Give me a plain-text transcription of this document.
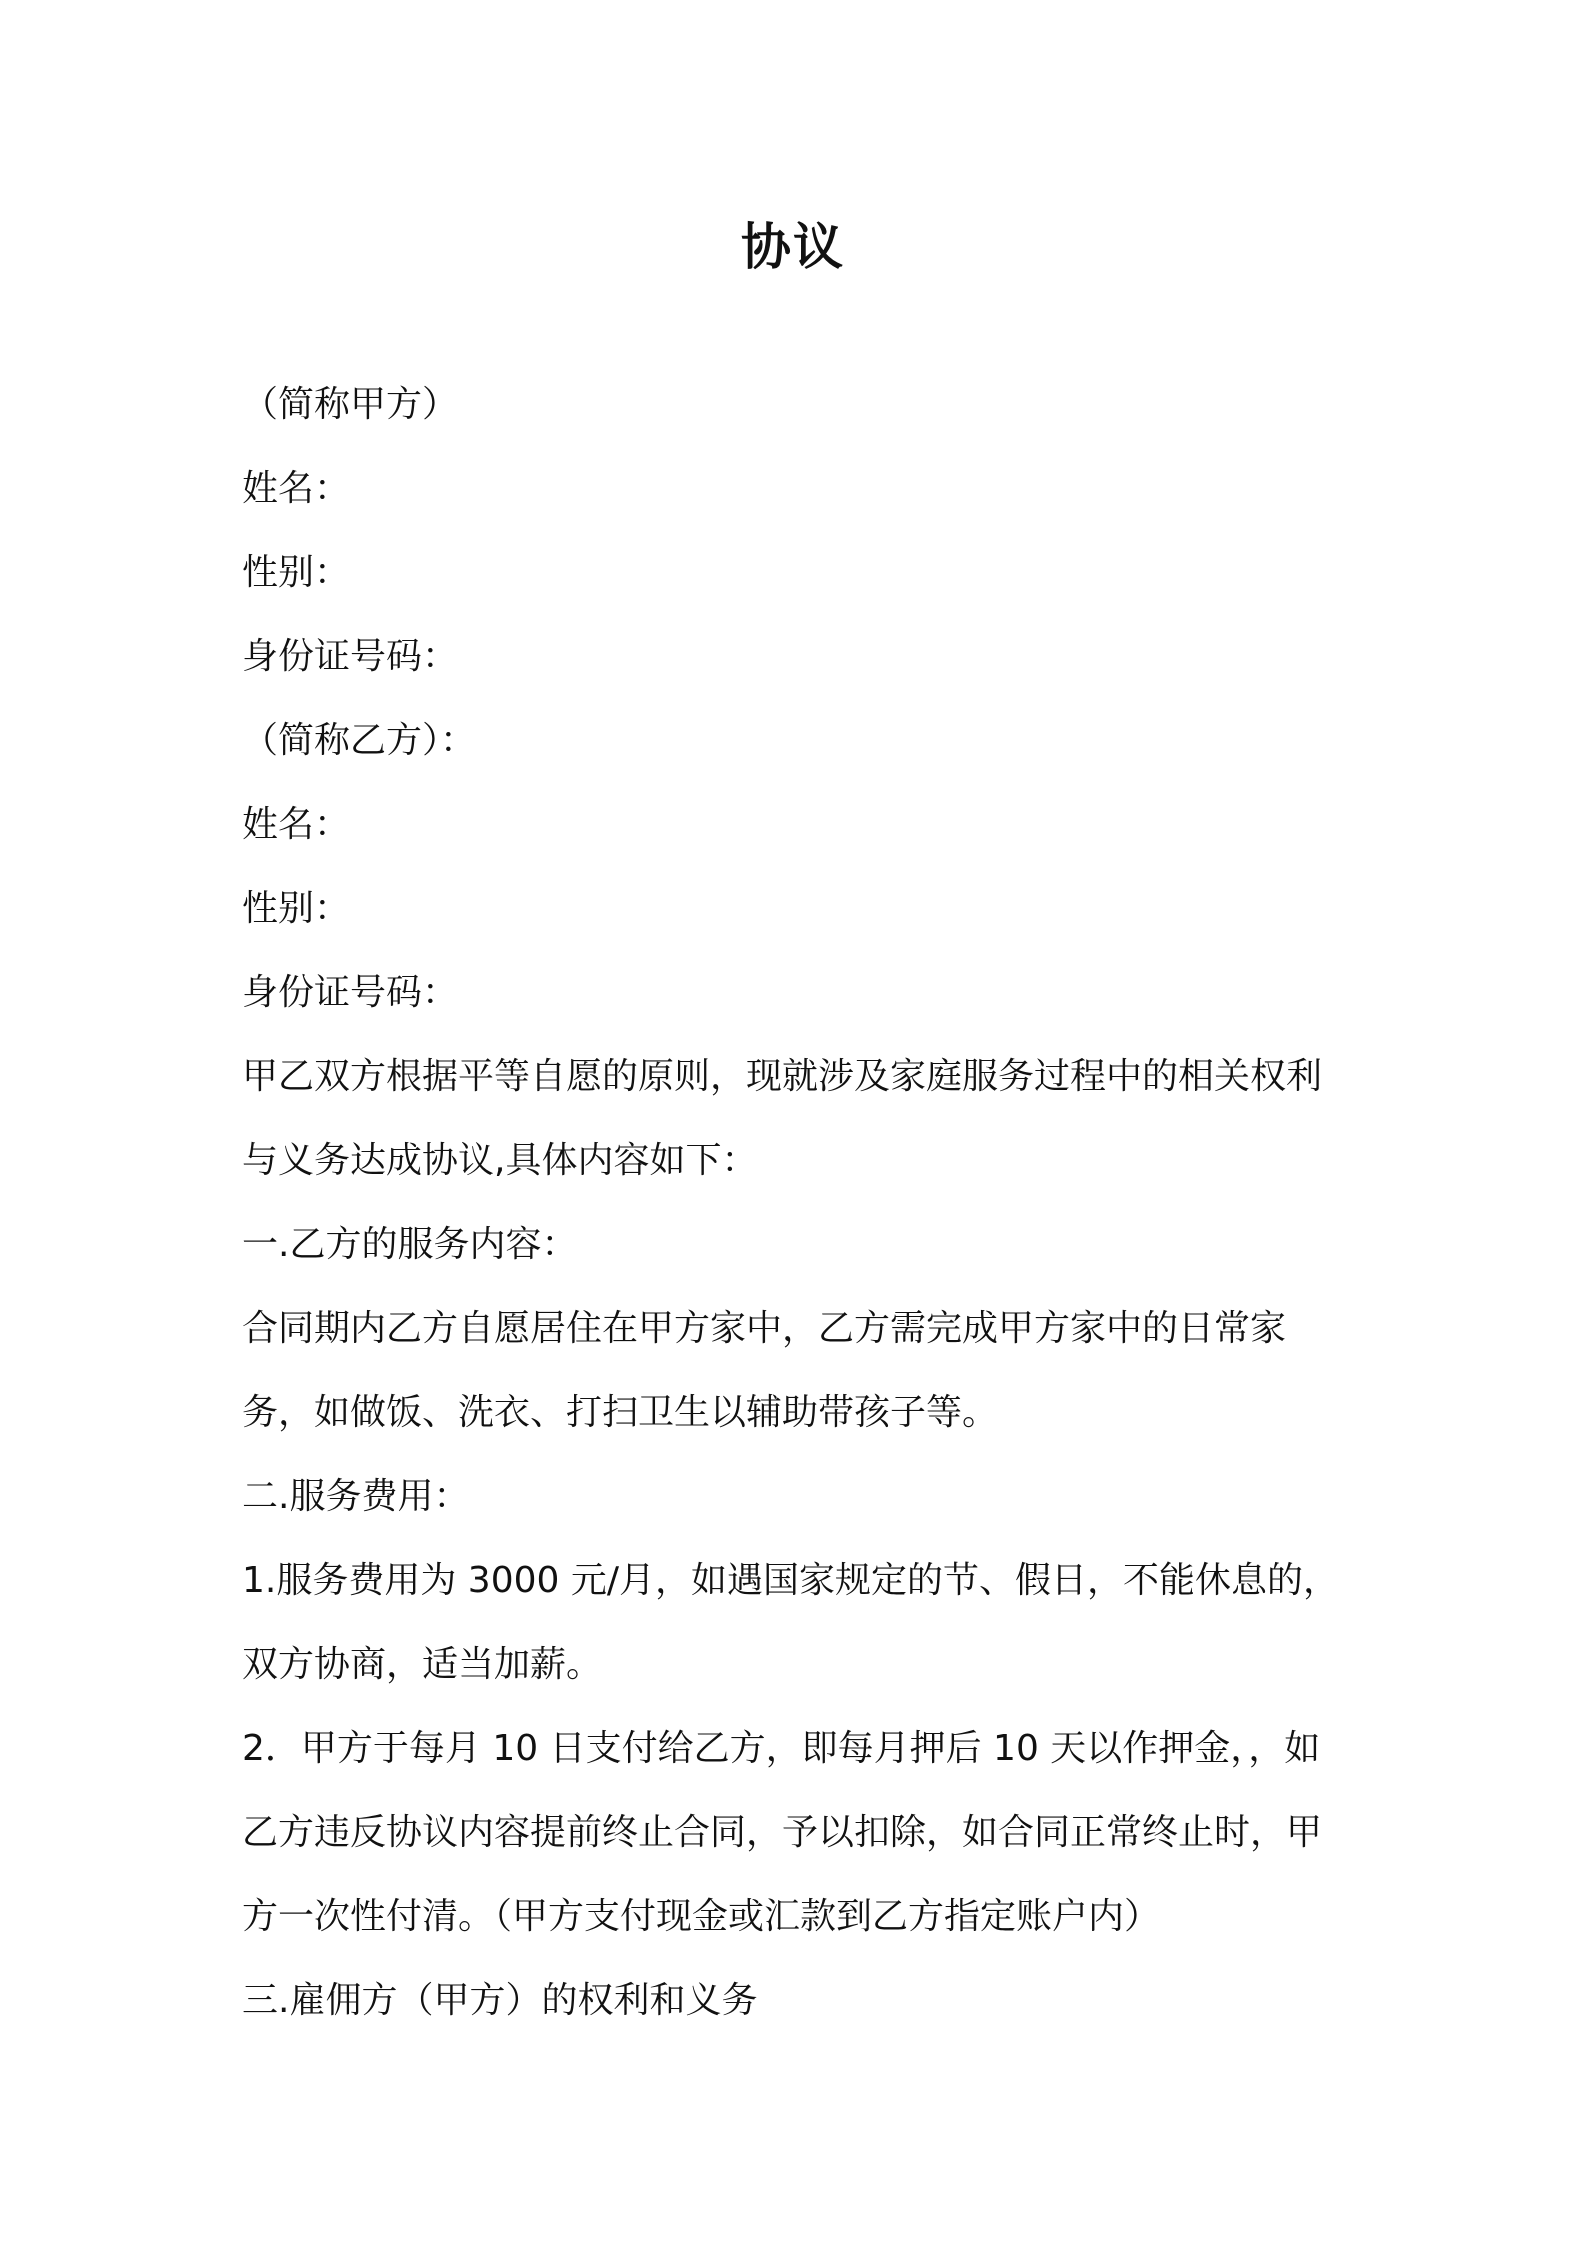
协议
（简称甲方）
姓名：
性别：
身份证号码：
（简称乙方）：
姓名：
性别：
身份证号码：
甲乙双方根据平等自愿的原则，现就涉及家庭服务过程中的相关权利
与义务达成协议,具体内容如下：
一.乙方的服务内容：
合同期内乙方自愿居住在甲方家中，乙方需完成甲方家中的日常家
务，如做饭、洗衣、打扫卫生以辅助带孩子等。
二.服务费用：
1.服务费用为 3000 元/月，如遇国家规定的节、假日，不能休息的，
双方协商，适当加薪。
2．甲方于每月 10 日支付给乙方，即每月押后 10 天以作押金，，如
乙方违反协议内容提前终止合同，予以扣除，如合同正常终止时，甲
方一次性付清。（甲方支付现金或汇款到乙方指定账户内）
三.雇佣方（甲方）的权利和义务
